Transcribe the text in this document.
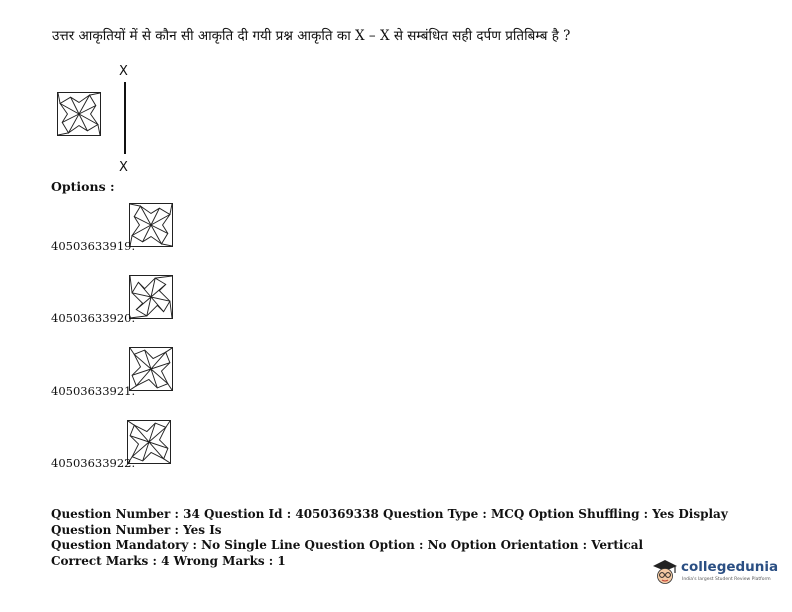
उत्तर आकृतियों में से कौन सी आकृति दी गयी प्रश्न आकृति का X – X से सम्बंधित सही दर्पण प्रतिबिम्ब है ?
X
X
Options :
40503633919.
40503633920.
40503633921.
40503633922.
Question Number : 34 Question Id : 4050369338 Question Type : MCQ Option Shuffling : Yes Display Question Number : Yes Is
Question Mandatory : No Single Line Question Option : No Option Orientation : Vertical
Correct Marks : 4 Wrong Marks : 1	collegedunia
India's largest Student Review Platform
